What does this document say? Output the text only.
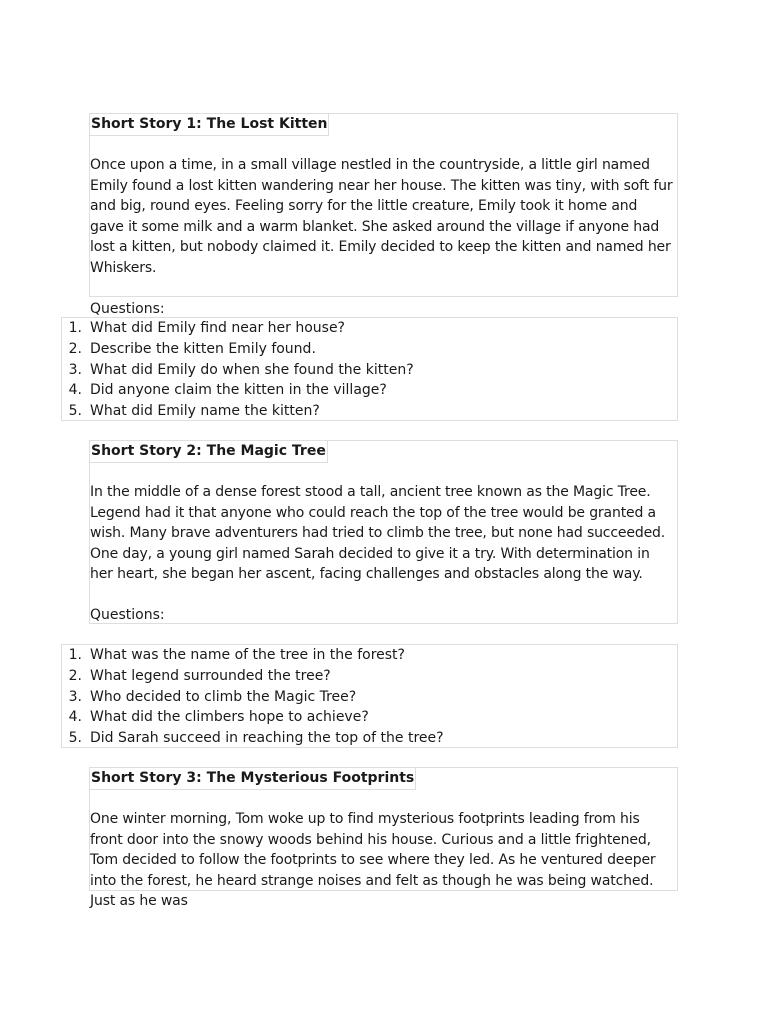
Short Story 1: The Lost Kitten
Once upon a time, in a small village nestled in the countryside, a little girl named Emily found a lost kitten wandering near her house. The kitten was tiny, with soft fur and big, round eyes. Feeling sorry for the little creature, Emily took it home and gave it some milk and a warm blanket. She asked around the village if anyone had lost a kitten, but nobody claimed it. Emily decided to keep the kitten and named her Whiskers.
Questions:
1. What did Emily find near her house?
2. Describe the kitten Emily found.
3. What did Emily do when she found the kitten?
4. Did anyone claim the kitten in the village?
5. What did Emily name the kitten?
Short Story 2: The Magic Tree
In the middle of a dense forest stood a tall, ancient tree known as the Magic Tree. Legend had it that anyone who could reach the top of the tree would be granted a wish. Many brave adventurers had tried to climb the tree, but none had succeeded. One day, a young girl named Sarah decided to give it a try. With determination in her heart, she began her ascent, facing challenges and obstacles along the way.
Questions:
1. What was the name of the tree in the forest?
2. What legend surrounded the tree?
3. Who decided to climb the Magic Tree?
4. What did the climbers hope to achieve?
5. Did Sarah succeed in reaching the top of the tree?
Short Story 3: The Mysterious Footprints
One winter morning, Tom woke up to find mysterious footprints leading from his front door into the snowy woods behind his house. Curious and a little frightened, Tom decided to follow the footprints to see where they led. As he ventured deeper into the forest, he heard strange noises and felt as though he was being watched. Just as he was
